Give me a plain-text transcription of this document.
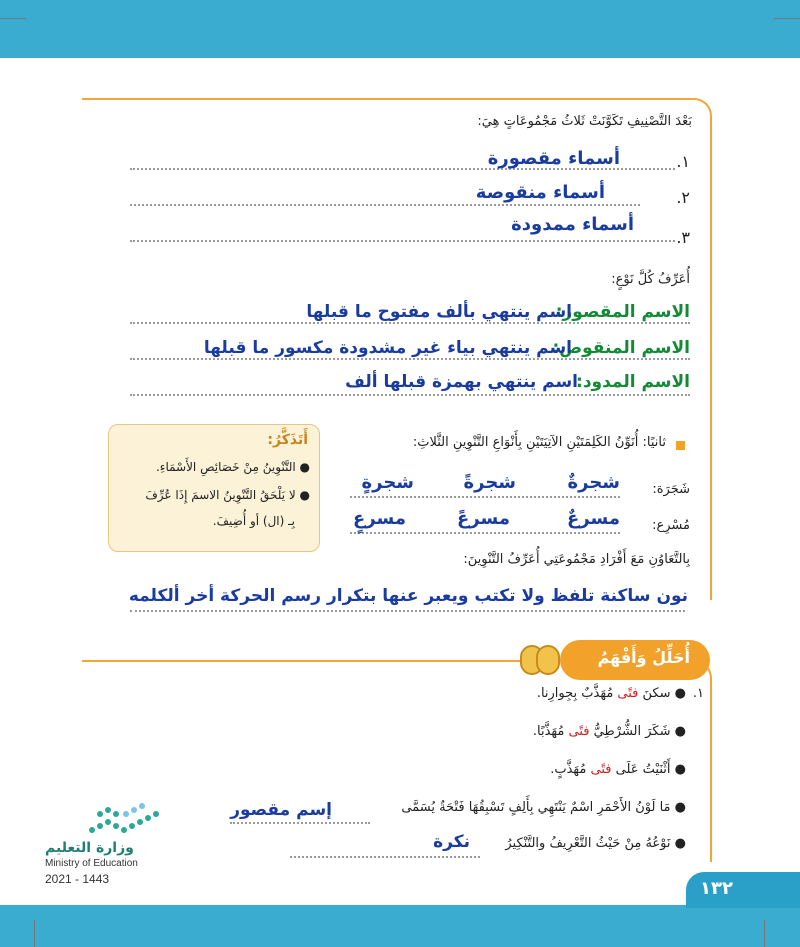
بَعْدَ التَّصْنِيفِ تَكَوَّنَتْ ثَلاثُ مَجْمُوعَاتٍ هِيَ:
١.
أسماء مقصورة
٢.
أسماء منقوصة
٣.
أسماء ممدودة
أُعَرِّفُ كُلَّ نَوْعٍ:
الاسم المقصور:
اسم ينتهي بألف مفتوح ما قبلها
الاسم المنقوص:
اسم ينتهي بياء غير مشدودة مكسور ما قبلها
الاسم المدود:
اسم ينتهي بهمزة قبلها ألف
أَتَذَكَّرُ:
● التَّنْوِينُ مِنْ خَصَائِصِ الأَسْمَاءِ.
● لا يَلْحَقُ التَّنْوِينُ الاسمَ إِذَا عُرِّفَ
بِـ (ال) أو أُضِيفَ.
ثانيًا: أُنَوِّنُ الكَلِمَتَيْنِ الآتِيَتَيْنِ بِأَنْوَاعِ التَّنْوِينِ الثَّلاثِ:
شَجَرَة:
شجرةٌ
شجرةً
شجرةٍ
مُسْرِع:
مسرعٌ
مسرعً
مسرعٍ
بِالتَّعَاوُنِ مَعَ أَفْرَادِ مَجْمُوعَتِي أُعَرِّفُ التَّنْوِينَ:
نون ساكنة تلفظ ولا تكتب ويعبر عنها بتكرار رسم الحركة أخر ألكلمه
أُحَلِّلُ وَأَفْهَمُ
١.
● سكنَ فتًى مُهَذَّبٌ بِجِوارِنا.
● شَكَرَ الشُّرْطِيُّ فتًى مُهَذَّبًا.
● أَثْنَيْتُ عَلَى فتًى مُهَذَّبٍ.
● مَا لَوْنُ الأَحْمَرِ اسْمٌ يَنْتَهِي بِأَلِفٍ تَسْبِقُهَا فَتْحَةٌ يُسَمَّى
إسم مقصور
● نَوْعُهُ مِنْ حَيْثُ التَّعْرِيفُ والتَّنْكِيرُ
نكرة
وزارة التعليم
Ministry of Education
2021 - 1443	١٣٢
